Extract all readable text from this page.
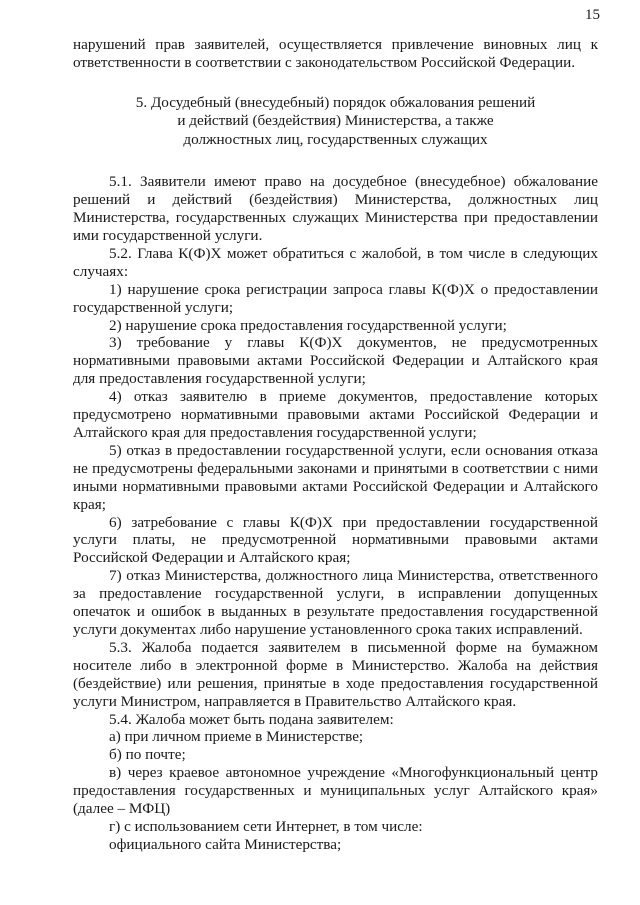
15

нарушений прав заявителей, осуществляется привлечение виновных лиц к ответственности в соответствии с законодательством Российской Федерации.

5. Досудебный (внесудебный) порядок обжалования решений
и действий (бездействия) Министерства, а также
должностных лиц, государственных служащих

5.1. Заявители имеют право на досудебное (внесудебное) обжалование решений и действий (бездействия) Министерства, должностных лиц Министерства, государственных служащих Министерства при предоставлении ими государственной услуги.

5.2. Глава К(Ф)Х может обратиться с жалобой, в том числе в следующих случаях:

1) нарушение срока регистрации запроса главы К(Ф)Х о предоставлении государственной услуги;

2) нарушение срока предоставления государственной услуги;

3) требование у главы К(Ф)Х документов, не предусмотренных нормативными правовыми актами Российской Федерации и Алтайского края для предоставления государственной услуги;

4) отказ заявителю в приеме документов, предоставление которых предусмотрено нормативными правовыми актами Российской Федерации и Алтайского края для предоставления государственной услуги;

5) отказ в предоставлении государственной услуги, если основания отказа не предусмотрены федеральными законами и принятыми в соответствии с ними иными нормативными правовыми актами Российской Федерации и Алтайского края;

6) затребование с главы К(Ф)Х при предоставлении государственной услуги платы, не предусмотренной нормативными правовыми актами Российской Федерации и Алтайского края;

7) отказ Министерства, должностного лица Министерства, ответственного за предоставление государственной услуги, в исправлении допущенных опечаток и ошибок в выданных в результате предоставления государственной услуги документах либо нарушение установленного срока таких исправлений.

5.3. Жалоба подается заявителем в письменной форме на бумажном носителе либо в электронной форме в Министерство. Жалоба на действия (бездействие) или решения, принятые в ходе предоставления государственной услуги Министром, направляется в Правительство Алтайского края.

5.4. Жалоба может быть подана заявителем:

а) при личном приеме в Министерстве;

б) по почте;

в) через краевое автономное учреждение «Многофункциональный центр предоставления государственных и муниципальных услуг Алтайского края» (далее – МФЦ)

г) с использованием сети Интернет, в том числе:

официального сайта Министерства;
